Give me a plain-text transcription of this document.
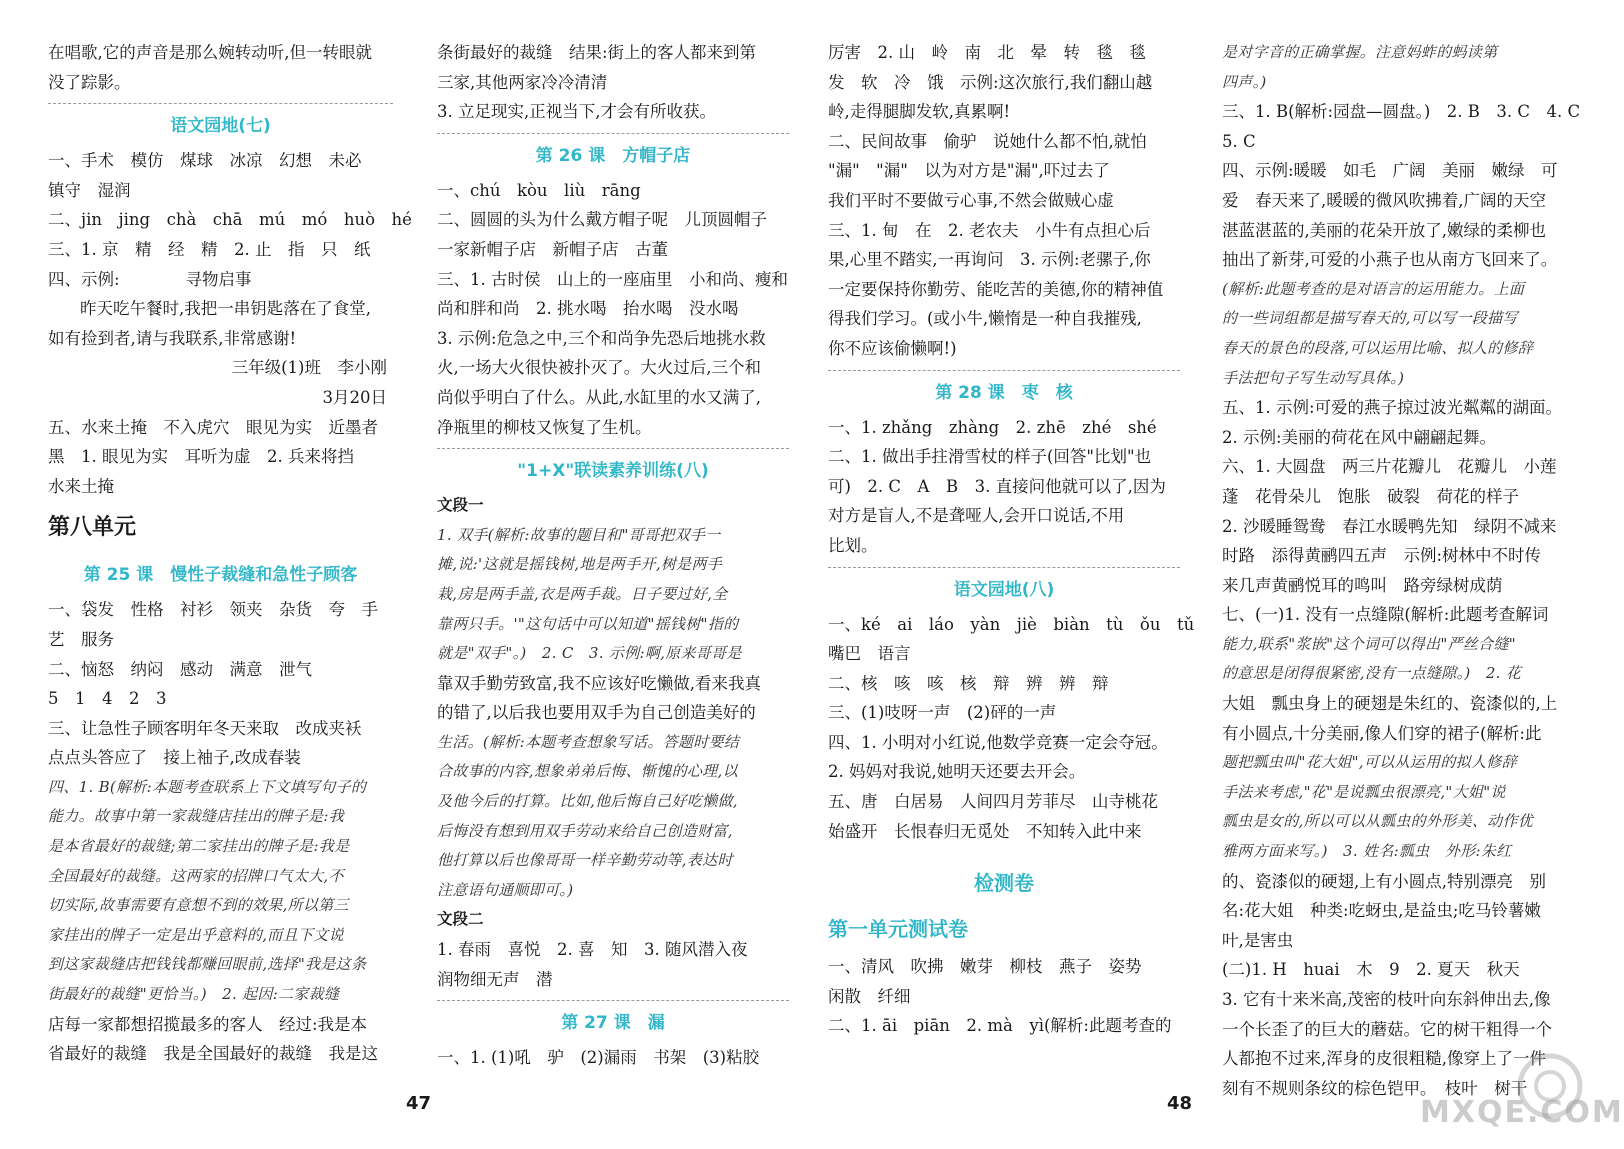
在唱歌,它的声音是那么婉转动听,但一转眼就
没了踪影。
语文园地(七)
一、手术　模仿　煤球　冰凉　幻想　未必
镇守　湿润
二、jin　jing　chà　chā　mú　mó　huò　hé
三、1. 京　精　经　精　2. 止　指　只　纸
四、示例:　　　　寻物启事
昨天吃午餐时,我把一串钥匙落在了食堂,
如有捡到者,请与我联系,非常感谢!
三年级(1)班　李小刚
3月20日
五、水来土掩　不入虎穴　眼见为实　近墨者
黑　1. 眼见为实　耳听为虚　2. 兵来将挡
水来土掩
第八单元
第 25 课　慢性子裁缝和急性子顾客
一、袋发　性格　衬衫　领夹　杂货　夸　手
艺　服务
二、恼怒　纳闷　感动　满意　泄气
5　1　4　2　3
三、让急性子顾客明年冬天来取　改成夹袄
点点头答应了　接上袖子,改成春装
四、1. B(解析:本题考查联系上下文填写句子的
能力。故事中第一家裁缝店挂出的牌子是:我
是本省最好的裁缝;第二家挂出的牌子是:我是
全国最好的裁缝。这两家的招牌口气太大,不
切实际,故事需要有意想不到的效果,所以第三
家挂出的牌子一定是出乎意料的,而且下文说
到这家裁缝店把钱钱都赚回眼前,选择"我是这条
街最好的裁缝"更恰当。)　2. 起因:二家裁缝
店每一家都想招揽最多的客人　经过:我是本
省最好的裁缝　我是全国最好的裁缝　我是这
条街最好的裁缝　结果:街上的客人都来到第
三家,其他两家冷冷清清
3. 立足现实,正视当下,才会有所收获。
第 26 课　方帽子店
一、chú　kòu　liù　rāng
二、圆圆的头为什么戴方帽子呢　儿顶圆帽子
一家新帽子店　新帽子店　古董
三、1. 古时侯　山上的一座庙里　小和尚、瘦和
尚和胖和尚　2. 挑水喝　抬水喝　没水喝
3. 示例:危急之中,三个和尚争先恐后地挑水救
火,一场大火很快被扑灭了。大火过后,三个和
尚似乎明白了什么。从此,水缸里的水又满了,
净瓶里的柳枝又恢复了生机。
"1+X"联读素养训练(八)
文段一
1. 双手(解析:故事的题目和"哥哥把双手一
摊,说:'这就是摇钱树,地是两手开,树是两手
栽,房是两手盖,衣是两手裁。日子要过好,全
靠两只手。'"这句话中可以知道"摇钱树"指的
就是"双手"。)　2. C　3. 示例:啊,原来哥哥是
靠双手勤劳致富,我不应该好吃懒做,看来我真
的错了,以后我也要用双手为自己创造美好的
生活。(解析:本题考查想象写话。答题时要结
合故事的内容,想象弟弟后悔、惭愧的心理,以
及他今后的打算。比如,他后悔自己好吃懒做,
后悔没有想到用双手劳动来给自己创造财富,
他打算以后也像哥哥一样辛勤劳动等,表达时
注意语句通顺即可。)
文段二
1. 春雨　喜悦　2. 喜　知　3. 随风潜入夜
润物细无声　潜
第 27 课　漏
一、1. (1)吼　驴　(2)漏雨　书架　(3)粘胶
厉害　2. 山　岭　南　北　晕　转　毯　毯
发　软　冷　饿　示例:这次旅行,我们翻山越
岭,走得腿脚发软,真累啊!
二、民间故事　偷驴　说她什么都不怕,就怕
"漏"　"漏"　以为对方是"漏",吓过去了
我们平时不要做亏心事,不然会做贼心虚
三、1. 甸　在　2. 老农夫　小牛有点担心后
果,心里不踏实,一再询问　3. 示例:老骡子,你
一定要保持你勤劳、能吃苦的美德,你的精神值
得我们学习。(或小牛,懒惰是一种自我摧残,
你不应该偷懒啊!)
第 28 课　枣　核
一、1. zhǎng　zhàng　2. zhē　zhé　shé
二、1. 做出手拄滑雪杖的样子(回答"比划"也
可)　2. C　A　B　3. 直接问他就可以了,因为
对方是盲人,不是聋哑人,会开口说话,不用
比划。
语文园地(八)
一、ké　ai　láo　yàn　jiè　biàn　tù　ǒu　tǔ
嘴巴　语言
二、核　咳　咳　核　辩　辨　辨　辩
三、(1)吱呀一声　(2)砰的一声
四、1. 小明对小红说,他数学竞赛一定会夺冠。
2. 妈妈对我说,她明天还要去开会。
五、唐　白居易　人间四月芳菲尽　山寺桃花
始盛开　长恨春归无觅处　不知转入此中来
检测卷
第一单元测试卷
一、清风　吹拂　嫩芽　柳枝　燕子　姿势
闲散　纤细
二、1. āi　piān　2. mà　yì(解析:此题考查的
是对字音的正确掌握。注意妈蚱的蚂读第
四声。)
三、1. B(解析:园盘—圆盘。)　2. B　3. C　4. C
5. C
四、示例:暖暖　如毛　广阔　美丽　嫩绿　可
爱　春天来了,暖暖的微风吹拂着,广阔的天空
湛蓝湛蓝的,美丽的花朵开放了,嫩绿的柔柳也
抽出了新芽,可爱的小燕子也从南方飞回来了。
(解析:此题考查的是对语言的运用能力。上面
的一些词组都是描写春天的,可以写一段描写
春天的景色的段落,可以运用比喻、拟人的修辞
手法把句子写生动写具体。)
五、1. 示例:可爱的燕子掠过波光粼粼的湖面。
2. 示例:美丽的荷花在风中翩翩起舞。
六、1. 大圆盘　两三片花瓣儿　花瓣儿　小莲
蓬　花骨朵儿　饱胀　破裂　荷花的样子
2. 沙暖睡鸳鸯　春江水暖鸭先知　绿阴不减来
时路　添得黄鹂四五声　示例:树林中不时传
来几声黄鹂悦耳的鸣叫　路旁绿树成荫
七、(一)1. 没有一点缝隙(解析:此题考查解词
能力,联系"浆嵌"这个词可以得出"严丝合缝"
的意思是闭得很紧密,没有一点缝隙。)　2. 花
大姐　瓢虫身上的硬翅是朱红的、瓷漆似的,上
有小圆点,十分美丽,像人们穿的裙子(解析:此
题把瓢虫叫"花大姐",可以从运用的拟人修辞
手法来考虑,"花"是说瓢虫很漂亮,"大姐"说
瓢虫是女的,所以可以从瓢虫的外形美、动作优
雅两方面来写。)　3. 姓名:瓢虫　外形:朱红
的、瓷漆似的硬翅,上有小圆点,特别漂亮　别
名:花大姐　种类:吃蚜虫,是益虫;吃马铃薯嫩
叶,是害虫
(二)1. H　huai　木　9　2. 夏天　秋天
3. 它有十来米高,茂密的枝叶向东斜伸出去,像
一个长歪了的巨大的蘑菇。它的树干粗得一个
人都抱不过来,浑身的皮很粗糙,像穿上了一件
刻有不规则条纹的棕色铠甲。　枝叶　树干
47	48	MXQE.COM
